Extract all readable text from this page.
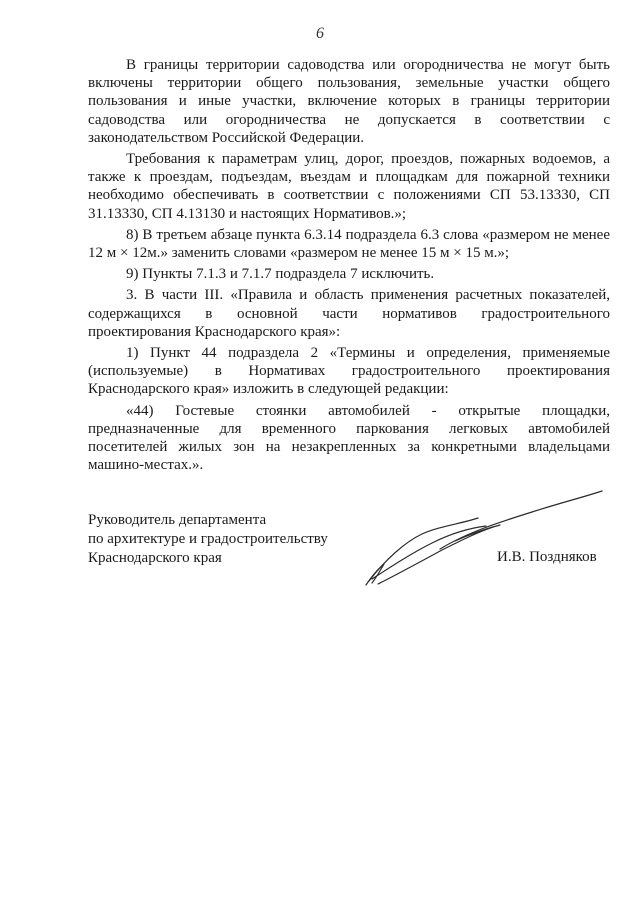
6

В границы территории садоводства или огородничества не могут быть включены территории общего пользования, земельные участки общего пользования и иные участки, включение которых в границы территории садоводства или огородничества не допускается в соответствии с законодательством Российской Федерации.

Требования к параметрам улиц, дорог, проездов, пожарных водоемов, а также к проездам, подъездам, въездам и площадкам для пожарной техники необходимо обеспечивать в соответствии с положениями СП 53.13330, СП 31.13330, СП 4.13130 и настоящих Нормативов.»;

8) В третьем абзаце пункта 6.3.14 подраздела 6.3 слова «размером не менее 12 м × 12м.» заменить словами «размером не менее 15 м × 15 м.»;

9) Пункты 7.1.3 и 7.1.7 подраздела 7 исключить.

3. В части III. «Правила и область применения расчетных показателей, содержащихся в основной части нормативов градостроительного проектирования Краснодарского края»:

1) Пункт 44 подраздела 2 «Термины и определения, применяемые (используемые) в Нормативах градостроительного проектирования Краснодарского края» изложить в следующей редакции:

«44) Гостевые стоянки автомобилей - открытые площадки, предназначенные для временного паркования легковых автомобилей посетителей жилых зон на незакрепленных за конкретными владельцами машино-местах.».

Руководитель департамента
по архитектуре и градостроительству
Краснодарского края	И.В. Поздняков
